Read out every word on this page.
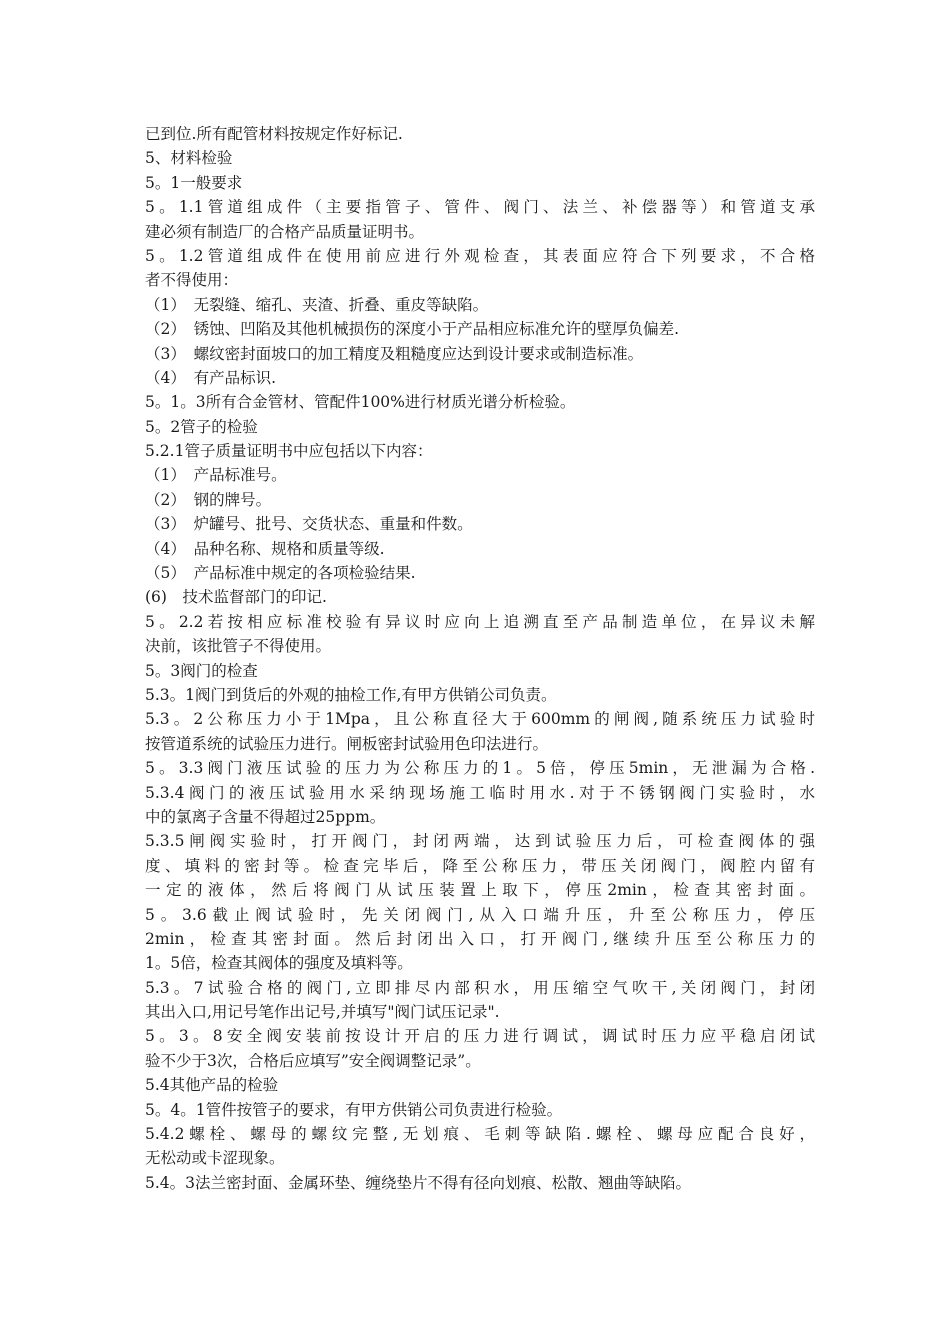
已到位.所有配管材料按规定作好标记.
5、材料检验
5。1一般要求
5。1.1管道组成件（主要指管子、管件、阀门、法兰、补偿器等）和管道支承
建必须有制造厂的合格产品质量证明书。
5。1.2管道组成件在使用前应进行外观检查，其表面应符合下列要求，不合格
者不得使用：
（1）　无裂缝、缩孔、夹渣、折叠、重皮等缺陷。
（2）　锈蚀、凹陷及其他机械损伤的深度小于产品相应标准允许的壁厚负偏差.
（3）　螺纹密封面坡口的加工精度及粗糙度应达到设计要求或制造标准。
（4）　有产品标识.
5。1。3所有合金管材、管配件100%进行材质光谱分析检验。
5。2管子的检验
5.2.1管子质量证明书中应包括以下内容：
（1）　产品标准号。
（2）　钢的牌号。
（3）　炉罐号、批号、交货状态、重量和件数。
（4）　品种名称、规格和质量等级.
（5）　产品标准中规定的各项检验结果.
(6)　技术监督部门的印记.
5。2.2若按相应标准校验有异议时应向上追溯直至产品制造单位，在异议未解
决前，该批管子不得使用。
5。3阀门的检查
5.3。1阀门到货后的外观的抽检工作,有甲方供销公司负责。
5.3。2公称压力小于1Mpa，且公称直径大于600mm的闸阀,随系统压力试验时
按管道系统的试验压力进行。闸板密封试验用色印法进行。
5。3.3阀门液压试验的压力为公称压力的1。5倍，停压5min，无泄漏为合格.
5.3.4阀门的液压试验用水采纳现场施工临时用水.对于不锈钢阀门实验时，水
中的氯离子含量不得超过25ppm。
5.3.5闸阀实验时，打开阀门，封闭两端，达到试验压力后，可检查阀体的强
度、填料的密封等。检查完毕后，降至公称压力，带压关闭阀门，阀腔内留有
一定的液体，然后将阀门从试压装置上取下，停压2min，检查其密封面。
5。3.6截止阀试验时，先关闭阀门,从入口端升压，升至公称压力，停压
2min，检查其密封面。然后封闭出入口，打开阀门,继续升压至公称压力的
1。5倍，检查其阀体的强度及填料等。
5.3。7试验合格的阀门,立即排尽内部积水，用压缩空气吹干,关闭阀门，封闭
其出入口,用记号笔作出记号,并填写"阀门试压记录".
5。3。8安全阀安装前按设计开启的压力进行调试，调试时压力应平稳启闭试
验不少于3次，合格后应填写”安全阀调整记录”。
5.4其他产品的检验
5。4。1管件按管子的要求，有甲方供销公司负责进行检验。
5.4.2螺栓、螺母的螺纹完整,无划痕、毛刺等缺陷.螺栓、螺母应配合良好，
无松动或卡涩现象。
5.4。3法兰密封面、金属环垫、缠绕垫片不得有径向划痕、松散、翘曲等缺陷。
